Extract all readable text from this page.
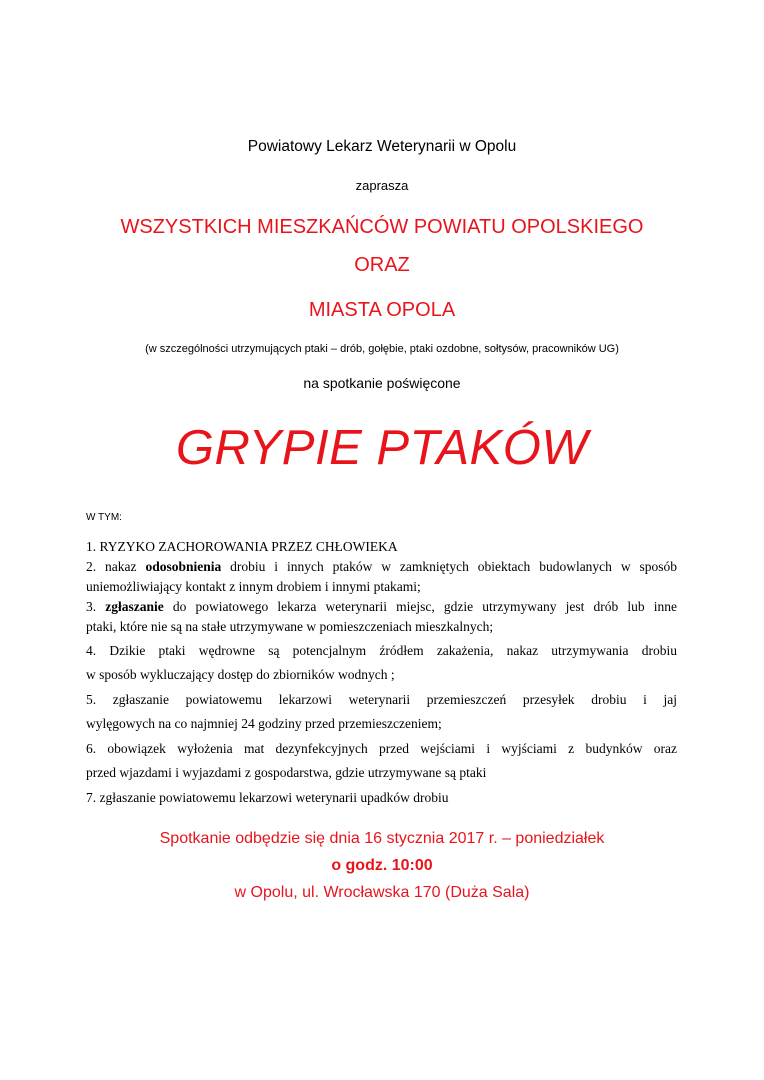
Powiatowy Lekarz Weterynarii w Opolu
zaprasza
WSZYSTKICH MIESZKAŃCÓW POWIATU OPOLSKIEGO
ORAZ
MIASTA OPOLA
(w szczególności utrzymujących ptaki – drób, gołębie, ptaki ozdobne, sołtysów, pracowników UG)
na spotkanie poświęcone
GRYPIE PTAKÓW
W TYM:
1. RYZYKO ZACHOROWANIA PRZEZ CHŁOWIEKA
2. nakaz odosobnienia drobiu i innych ptaków w zamkniętych obiektach budowlanych w sposób
uniemożliwiający kontakt z innym drobiem i innymi ptakami;
3. zgłaszanie do powiatowego lekarza weterynarii miejsc, gdzie utrzymywany jest drób lub inne
ptaki, które nie są na stałe utrzymywane w pomieszczeniach mieszkalnych;
4. Dzikie ptaki wędrowne są potencjalnym źródłem zakażenia, nakaz utrzymywania drobiu
w sposób wykluczający dostęp do zbiorników wodnych ;
5. zgłaszanie powiatowemu lekarzowi weterynarii przemieszczeń przesyłek drobiu i jaj
wylęgowych na co najmniej 24 godziny przed przemieszczeniem;
6. obowiązek wyłożenia mat dezynfekcyjnych przed wejściami i wyjściami z budynków oraz
przed wjazdami i wyjazdami z gospodarstwa, gdzie utrzymywane są ptaki
7. zgłaszanie powiatowemu lekarzowi weterynarii upadków drobiu
Spotkanie odbędzie się dnia 16 stycznia 2017 r. – poniedziałek
o godz. 10:00
w Opolu, ul. Wrocławska 170 (Duża Sala)
